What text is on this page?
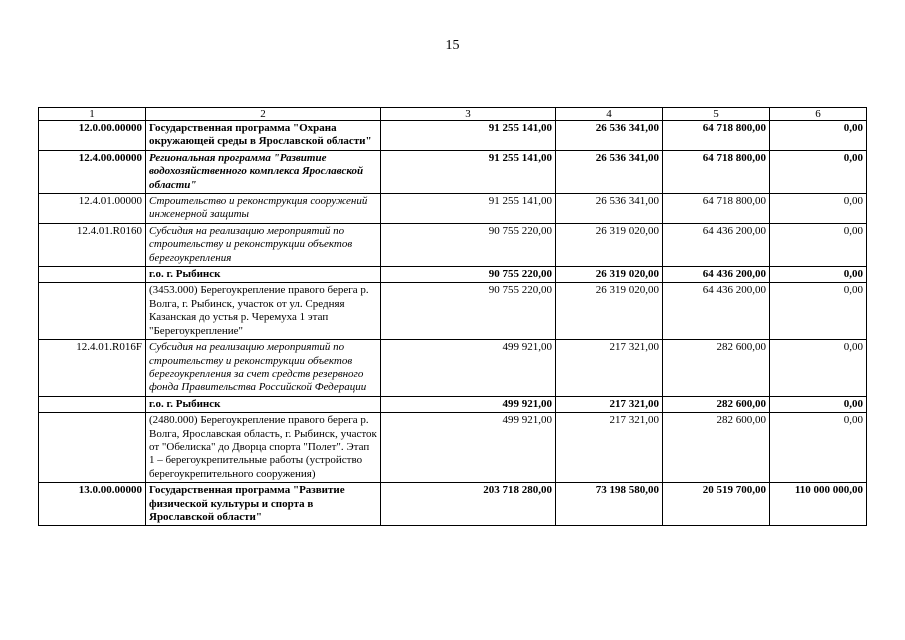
15
1	2	3	4	5	6
12.0.00.00000	Государственная программа "Охрана окружающей среды в Ярославской области"	91 255 141,00	26 536 341,00	64 718 800,00	0,00
12.4.00.00000	Региональная программа "Развитие водохозяйственного комплекса Ярославской области"	91 255 141,00	26 536 341,00	64 718 800,00	0,00
12.4.01.00000	Строительство и реконструкция сооружений инженерной защиты	91 255 141,00	26 536 341,00	64 718 800,00	0,00
12.4.01.R0160	Субсидия на реализацию мероприятий по строительству и реконструкции объектов берегоукрепления	90 755 220,00	26 319 020,00	64 436 200,00	0,00
	г.о. г. Рыбинск	90 755 220,00	26 319 020,00	64 436 200,00	0,00
	(3453.000) Берегоукрепление правого берега р. Волга, г. Рыбинск, участок от ул. Средняя Казанская до устья р. Черемуха 1 этап "Берегоукрепление"	90 755 220,00	26 319 020,00	64 436 200,00	0,00
12.4.01.R016F	Субсидия на реализацию мероприятий по строительству и реконструкции объектов берегоукрепления за счет средств резервного фонда Правительства Российской Федерации	499 921,00	217 321,00	282 600,00	0,00
	г.о. г. Рыбинск	499 921,00	217 321,00	282 600,00	0,00
	(2480.000) Берегоукрепление правого берега р. Волга, Ярославская область, г. Рыбинск, участок от "Обелиска" до Дворца спорта "Полет". Этап 1 – берегоукрепительные работы (устройство берегоукрепительного сооружения)	499 921,00	217 321,00	282 600,00	0,00
13.0.00.00000	Государственная программа "Развитие физической культуры и спорта в Ярославской области"	203 718 280,00	73 198 580,00	20 519 700,00	110 000 000,00
